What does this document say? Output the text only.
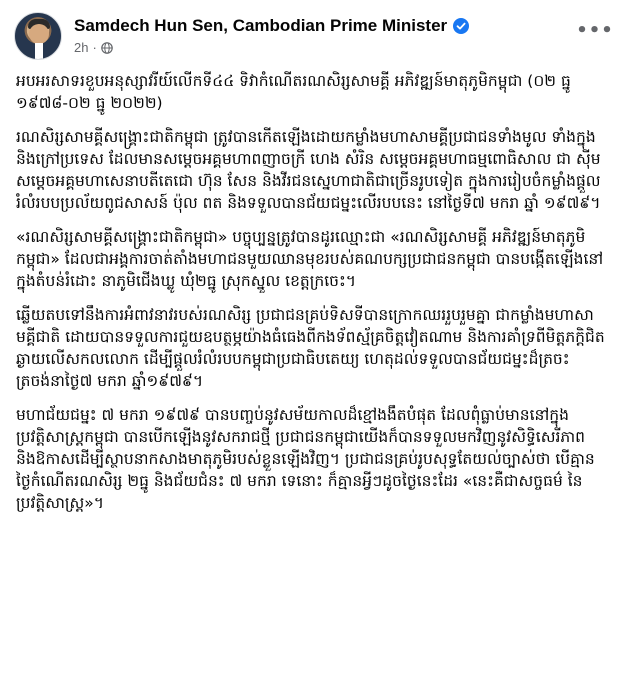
Samdech Hun Sen, Cambodian Prime Minister
2h ·
•••

អបអរសាទរខួបអនុស្សាវរីយ៍លើកទី៤៤ ទិវាកំណើតរណសិរ្សសាមគ្គី អភិវឌ្ឍន៍មាតុភូមិកម្ពុជា (០២ ធ្នូ ១៩៧៨-០២ ធ្នូ ២០២២)

រណសិរ្សសាមគ្គីសង្គ្រោះជាតិកម្ពុជា ត្រូវបានកើតឡើងដោយកម្លាំងមហាសាមគ្គីប្រជាជនទាំងមូល ទាំងក្នុង និងក្រៅប្រទេស ដែលមានសម្ដេចអគ្គមហាពញាចក្រី ហេង សំរិន សម្ដេចអគ្គមហាធម្មពោធិសាល ជា ស៊ីម សម្ដេចអគ្គមហាសេនាបតីតេជោ ហ៊ុន សែន និងវីរជនស្នេហាជាតិជាច្រើនរូបទៀត ក្នុងការរៀបចំកម្លាំងផ្ដួលរំលំរបបប្រល័យពូជសាសន៍ ប៉ុល ពត និងទទួលបានជ័យជម្នះលើរបបនេះ នៅថ្ងៃទី៧ មករា ឆ្នាំ ១៩៧៩។

«រណសិរ្សសាមគ្គីសង្គ្រោះជាតិកម្ពុជា» បច្ចុប្បន្នត្រូវបានដូរឈ្មោះជា «រណសិរ្សសាមគ្គី អភិវឌ្ឍន៍មាតុភូមិកម្ពុជា» ដែលជាអង្គការចាត់តាំងមហាជនមួយឈានមុខរបស់គណបក្សប្រជាជនកម្ពុជា បានបង្កើតឡើងនៅក្នុងតំបន់រំដោះ នាភូមិជើងឃ្លូ ឃុំ២ធ្នូ ស្រុកស្នួល ខេត្តក្រចេះ។

ឆ្លើយតបទៅនឹងការអំពាវនាវរបស់រណសិរ្ស ប្រជាជនគ្រប់ទិសទីបានក្រោកឈររួបរួមគ្នា ជាកម្លាំងមហាសាមគ្គីជាតិ ដោយបានទទួលការជួយឧបត្ថម្ភយ៉ាងធំធេងពីកងទ័ពស្ម័គ្រចិត្តវៀតណាម និងការគាំទ្រពីមិត្តភក្តិជិតឆ្ងាយលើសកលលោក ដើម្បីផ្ដួលរំលំរបបកម្ពុជាប្រជាធិបតេយ្យ ហេតុដល់ទទួលបានជ័យជម្នះដ៏ត្រចះត្រចង់នាថ្ងៃ៧ មករា ឆ្នាំ១៩៧៩។

មហាជ័យជម្នះ ៧ មករា ១៩៧៩ បានបញ្ចប់នូវសម័យកាលដ៏ខ្មៅងងឹតបំផុត ដែលពុំធ្លាប់មាននៅក្នុងប្រវត្តិសាស្ត្រកម្ពុជា បានបើកឡើងនូវសករាជថ្មី ប្រជាជនកម្ពុជាយើងក៏បានទទួលមកវិញនូវសិទ្ធិសេរីភាព និងឱកាសដើម្បីស្ថាបនាកសាងមាតុភូមិរបស់ខ្លួនឡើងវិញ។ ប្រជាជនគ្រប់រូបសុទ្ធតែយល់ច្បាស់ថា បើគ្មានថ្ងៃកំណើតរណសិរ្ស ២ធ្នូ និងជ័យជំនះ ៧ មករា ទេនោះ ក៏គ្មានអ្វីៗដូចថ្ងៃនេះដែរ «នេះគឺជាសច្ចធម៌ នៃប្រវត្តិសាស្ត្រ»។
